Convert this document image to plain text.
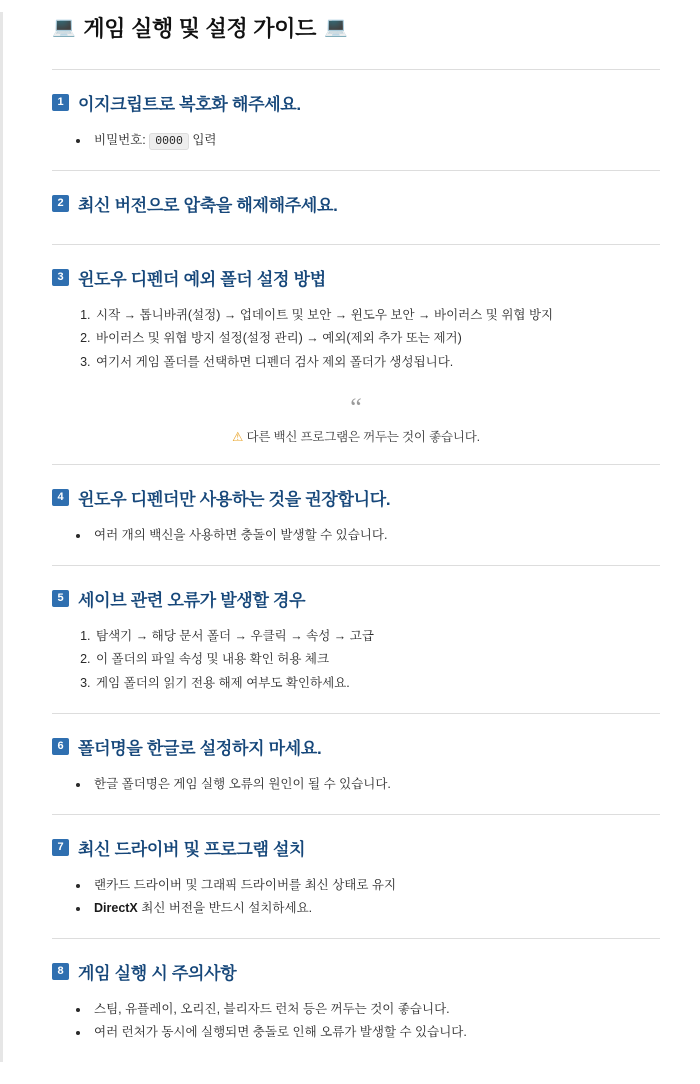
💻 게임 실행 및 설정 가이드 💻
1 이지크립트로 복호화 해주세요.
• 비밀번호: 0000 입력
2 최신 버전으로 압축을 해제해주세요.
3 윈도우 디펜더 예외 폴더 설정 방법
1. 시작 → 톱니바퀴(설정) → 업데이트 및 보안 → 윈도우 보안 → 바이러스 및 위협 방지
2. 바이러스 및 위협 방지 설정(설정 관리) → 예외(제외 추가 또는 제거)
3. 여기서 게임 폴더를 선택하면 디펜더 검사 제외 폴더가 생성됩니다.
“
⚠ 다른 백신 프로그램은 꺼두는 것이 좋습니다.
4 윈도우 디펜더만 사용하는 것을 권장합니다.
• 여러 개의 백신을 사용하면 충돌이 발생할 수 있습니다.
5 세이브 관련 오류가 발생할 경우
1. 탐색기 → 해당 문서 폴더 → 우클릭 → 속성 → 고급
2. 이 폴더의 파일 속성 및 내용 확인 허용 체크
3. 게임 폴더의 읽기 전용 해제 여부도 확인하세요.
6 폴더명을 한글로 설정하지 마세요.
• 한글 폴더명은 게임 실행 오류의 원인이 될 수 있습니다.
7 최신 드라이버 및 프로그램 설치
• 랜카드 드라이버 및 그래픽 드라이버를 최신 상태로 유지
• DirectX 최신 버전을 반드시 설치하세요.
8 게임 실행 시 주의사항
• 스팀, 유플레이, 오리진, 블리자드 런처 등은 꺼두는 것이 좋습니다.
• 여러 런처가 동시에 실행되면 충돌로 인해 오류가 발생할 수 있습니다.
